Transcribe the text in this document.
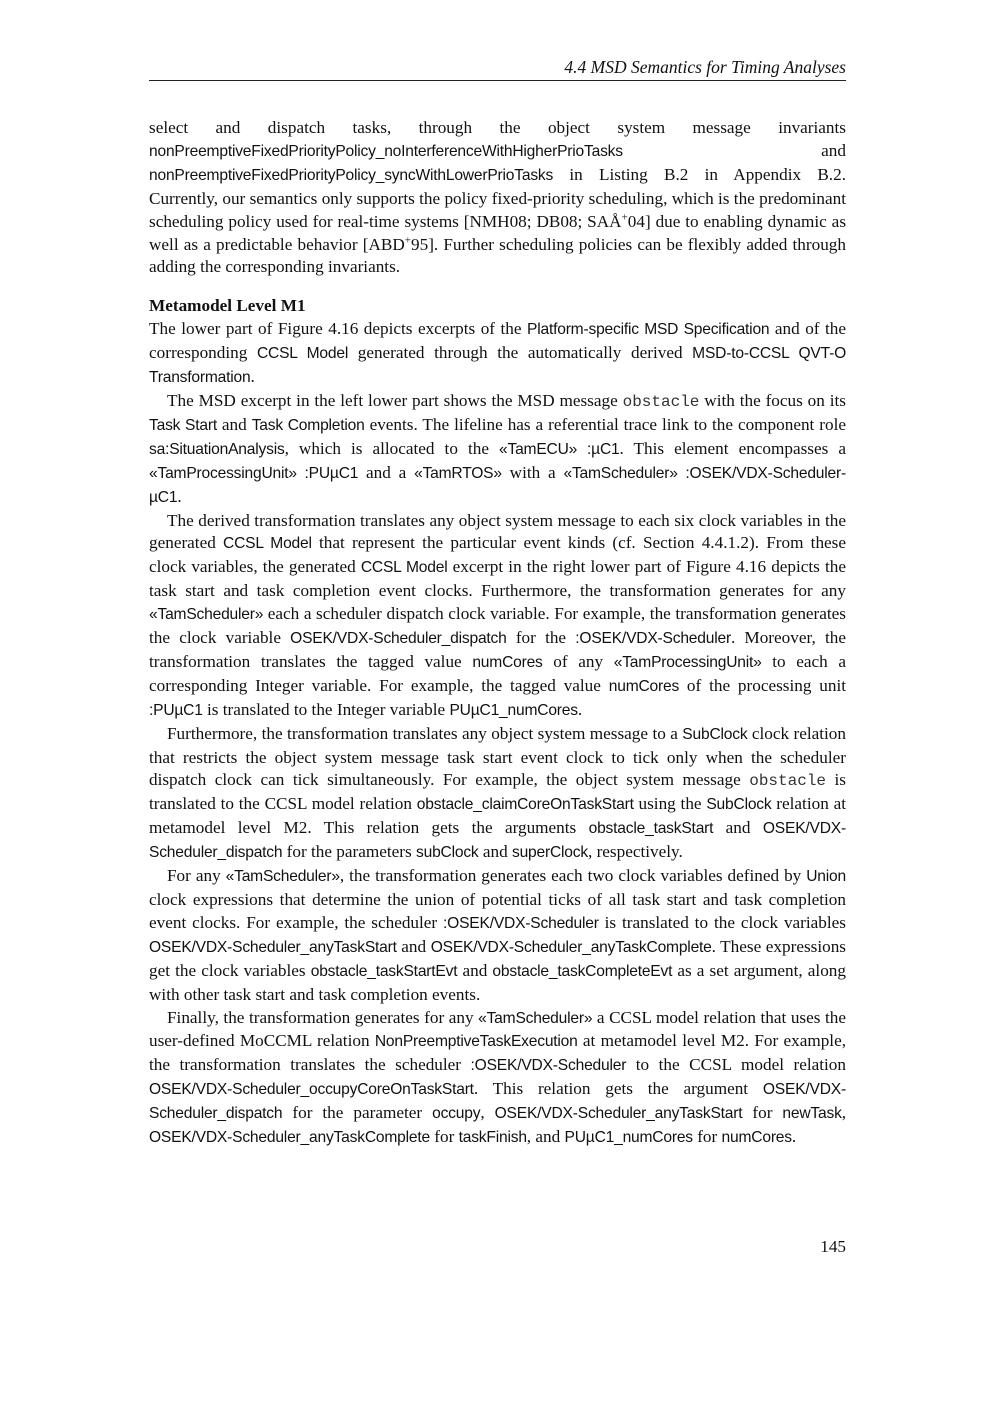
4.4 MSD Semantics for Timing Analyses

select and dispatch tasks, through the object system message invariants nonPreemptiveFixedPriorityPolicy_noInterferenceWithHigherPrioTasks and nonPreemptiveFixedPriorityPolicy_syncWithLowerPrioTasks in Listing B.2 in Appendix B.2. Currently, our semantics only supports the policy fixed-priority scheduling, which is the predominant scheduling policy used for real-time systems [NMH08; DB08; SAÅ+04] due to enabling dynamic as well as a predictable behavior [ABD+95]. Further scheduling policies can be flexibly added through adding the corresponding invariants.

Metamodel Level M1

The lower part of Figure 4.16 depicts excerpts of the Platform-specific MSD Specification and of the corresponding CCSL Model generated through the automatically derived MSD-to-CCSL QVT-O Transformation.

The MSD excerpt in the left lower part shows the MSD message obstacle with the focus on its Task Start and Task Completion events. The lifeline has a referential trace link to the component role sa:SituationAnalysis, which is allocated to the «TamECU» :µC1. This element encompasses a «TamProcessingUnit» :PUµC1 and a «TamRTOS» with a «TamScheduler» :OSEK/VDX-Scheduler-µC1.

The derived transformation translates any object system message to each six clock variables in the generated CCSL Model that represent the particular event kinds (cf. Section 4.4.1.2). From these clock variables, the generated CCSL Model excerpt in the right lower part of Figure 4.16 depicts the task start and task completion event clocks. Furthermore, the transformation generates for any «TamScheduler» each a scheduler dispatch clock variable. For example, the transformation generates the clock variable OSEK/VDX-Scheduler_dispatch for the :OSEK/VDX-Scheduler. Moreover, the transformation translates the tagged value numCores of any «TamProcessingUnit» to each a corresponding Integer variable. For example, the tagged value numCores of the processing unit :PUµC1 is translated to the Integer variable PUµC1_numCores.

Furthermore, the transformation translates any object system message to a SubClock clock relation that restricts the object system message task start event clock to tick only when the scheduler dispatch clock can tick simultaneously. For example, the object system message obstacle is translated to the CCSL model relation obstacle_claimCoreOnTaskStart using the SubClock relation at metamodel level M2. This relation gets the arguments obstacle_taskStart and OSEK/VDX-Scheduler_dispatch for the parameters subClock and superClock, respectively.

For any «TamScheduler», the transformation generates each two clock variables defined by Union clock expressions that determine the union of potential ticks of all task start and task completion event clocks. For example, the scheduler :OSEK/VDX-Scheduler is translated to the clock variables OSEK/VDX-Scheduler_anyTaskStart and OSEK/VDX-Scheduler_anyTaskComplete. These expressions get the clock variables obstacle_taskStartEvt and obstacle_taskCompleteEvt as a set argument, along with other task start and task completion events.

Finally, the transformation generates for any «TamScheduler» a CCSL model relation that uses the user-defined MoCCML relation NonPreemptiveTaskExecution at metamodel level M2. For example, the transformation translates the scheduler :OSEK/VDX-Scheduler to the CCSL model relation OSEK/VDX-Scheduler_occupyCoreOnTaskStart. This relation gets the argument OSEK/VDX-Scheduler_dispatch for the parameter occupy, OSEK/VDX-Scheduler_anyTaskStart for newTask, OSEK/VDX-Scheduler_anyTaskComplete for taskFinish, and PUµC1_numCores for numCores.

145
